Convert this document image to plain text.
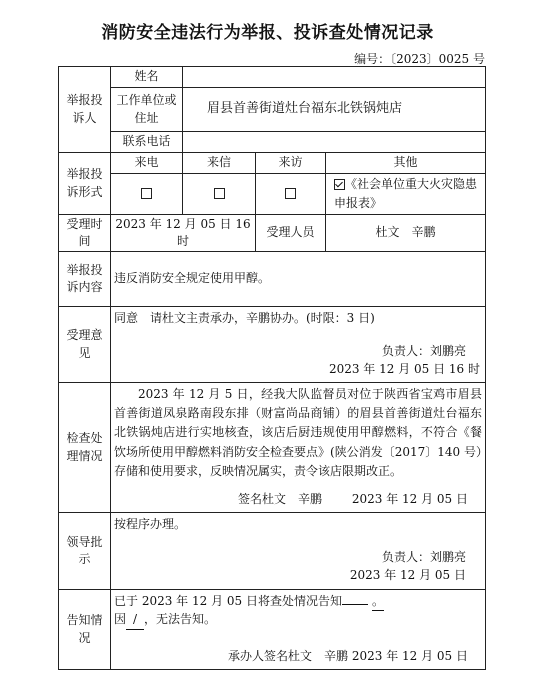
消防安全违法行为举报、投诉查处情况记录
编号：〔2023〕0025 号
举报投诉人	姓名			
	工作单位或住址	眉县首善街道灶台福东北铁锅炖店		
	联系电话			
举报投诉形式	来电	来信	来访	其他
				《社会单位重大火灾隐患申报表》
受理时间	2023 年 12 月 05 日 16 时		受理人员	杜文　辛鹏
举报投诉内容	违反消防安全规定使用甲醇。			
受理意见	同意　请杜文主责承办，辛鹏协办。(时限：3 日)
负责人：刘鹏亮
2023 年 12 月 05 日 16 时			

检查处理情况	2023 年 12 月 5 日，经我大队监督员对位于陕西省宝鸡市眉县首善街道凤泉路南段东排（财富尚品商铺）的眉县首善街道灶台福东北铁锅炖店进行实地核查，该店后厨违规使用甲醇燃料，不符合《餐饮场所使用甲醇燃料消防安全检查要点》(陕公消发〔2017〕140 号）存储和使用要求，反映情况属实，责令该店限期改正。
签名杜文　辛鹏 2023 年 12 月 05 日			

领导批示	按程序办理。
负责人：刘鹏亮
2023 年 12 月 05 日			

告知情况	已于 2023 年 12 月 05 日将查处情况告知 。
因 / ，无法告知。
承办人签名杜文　辛鹏 2023 年 12 月 05 日			
